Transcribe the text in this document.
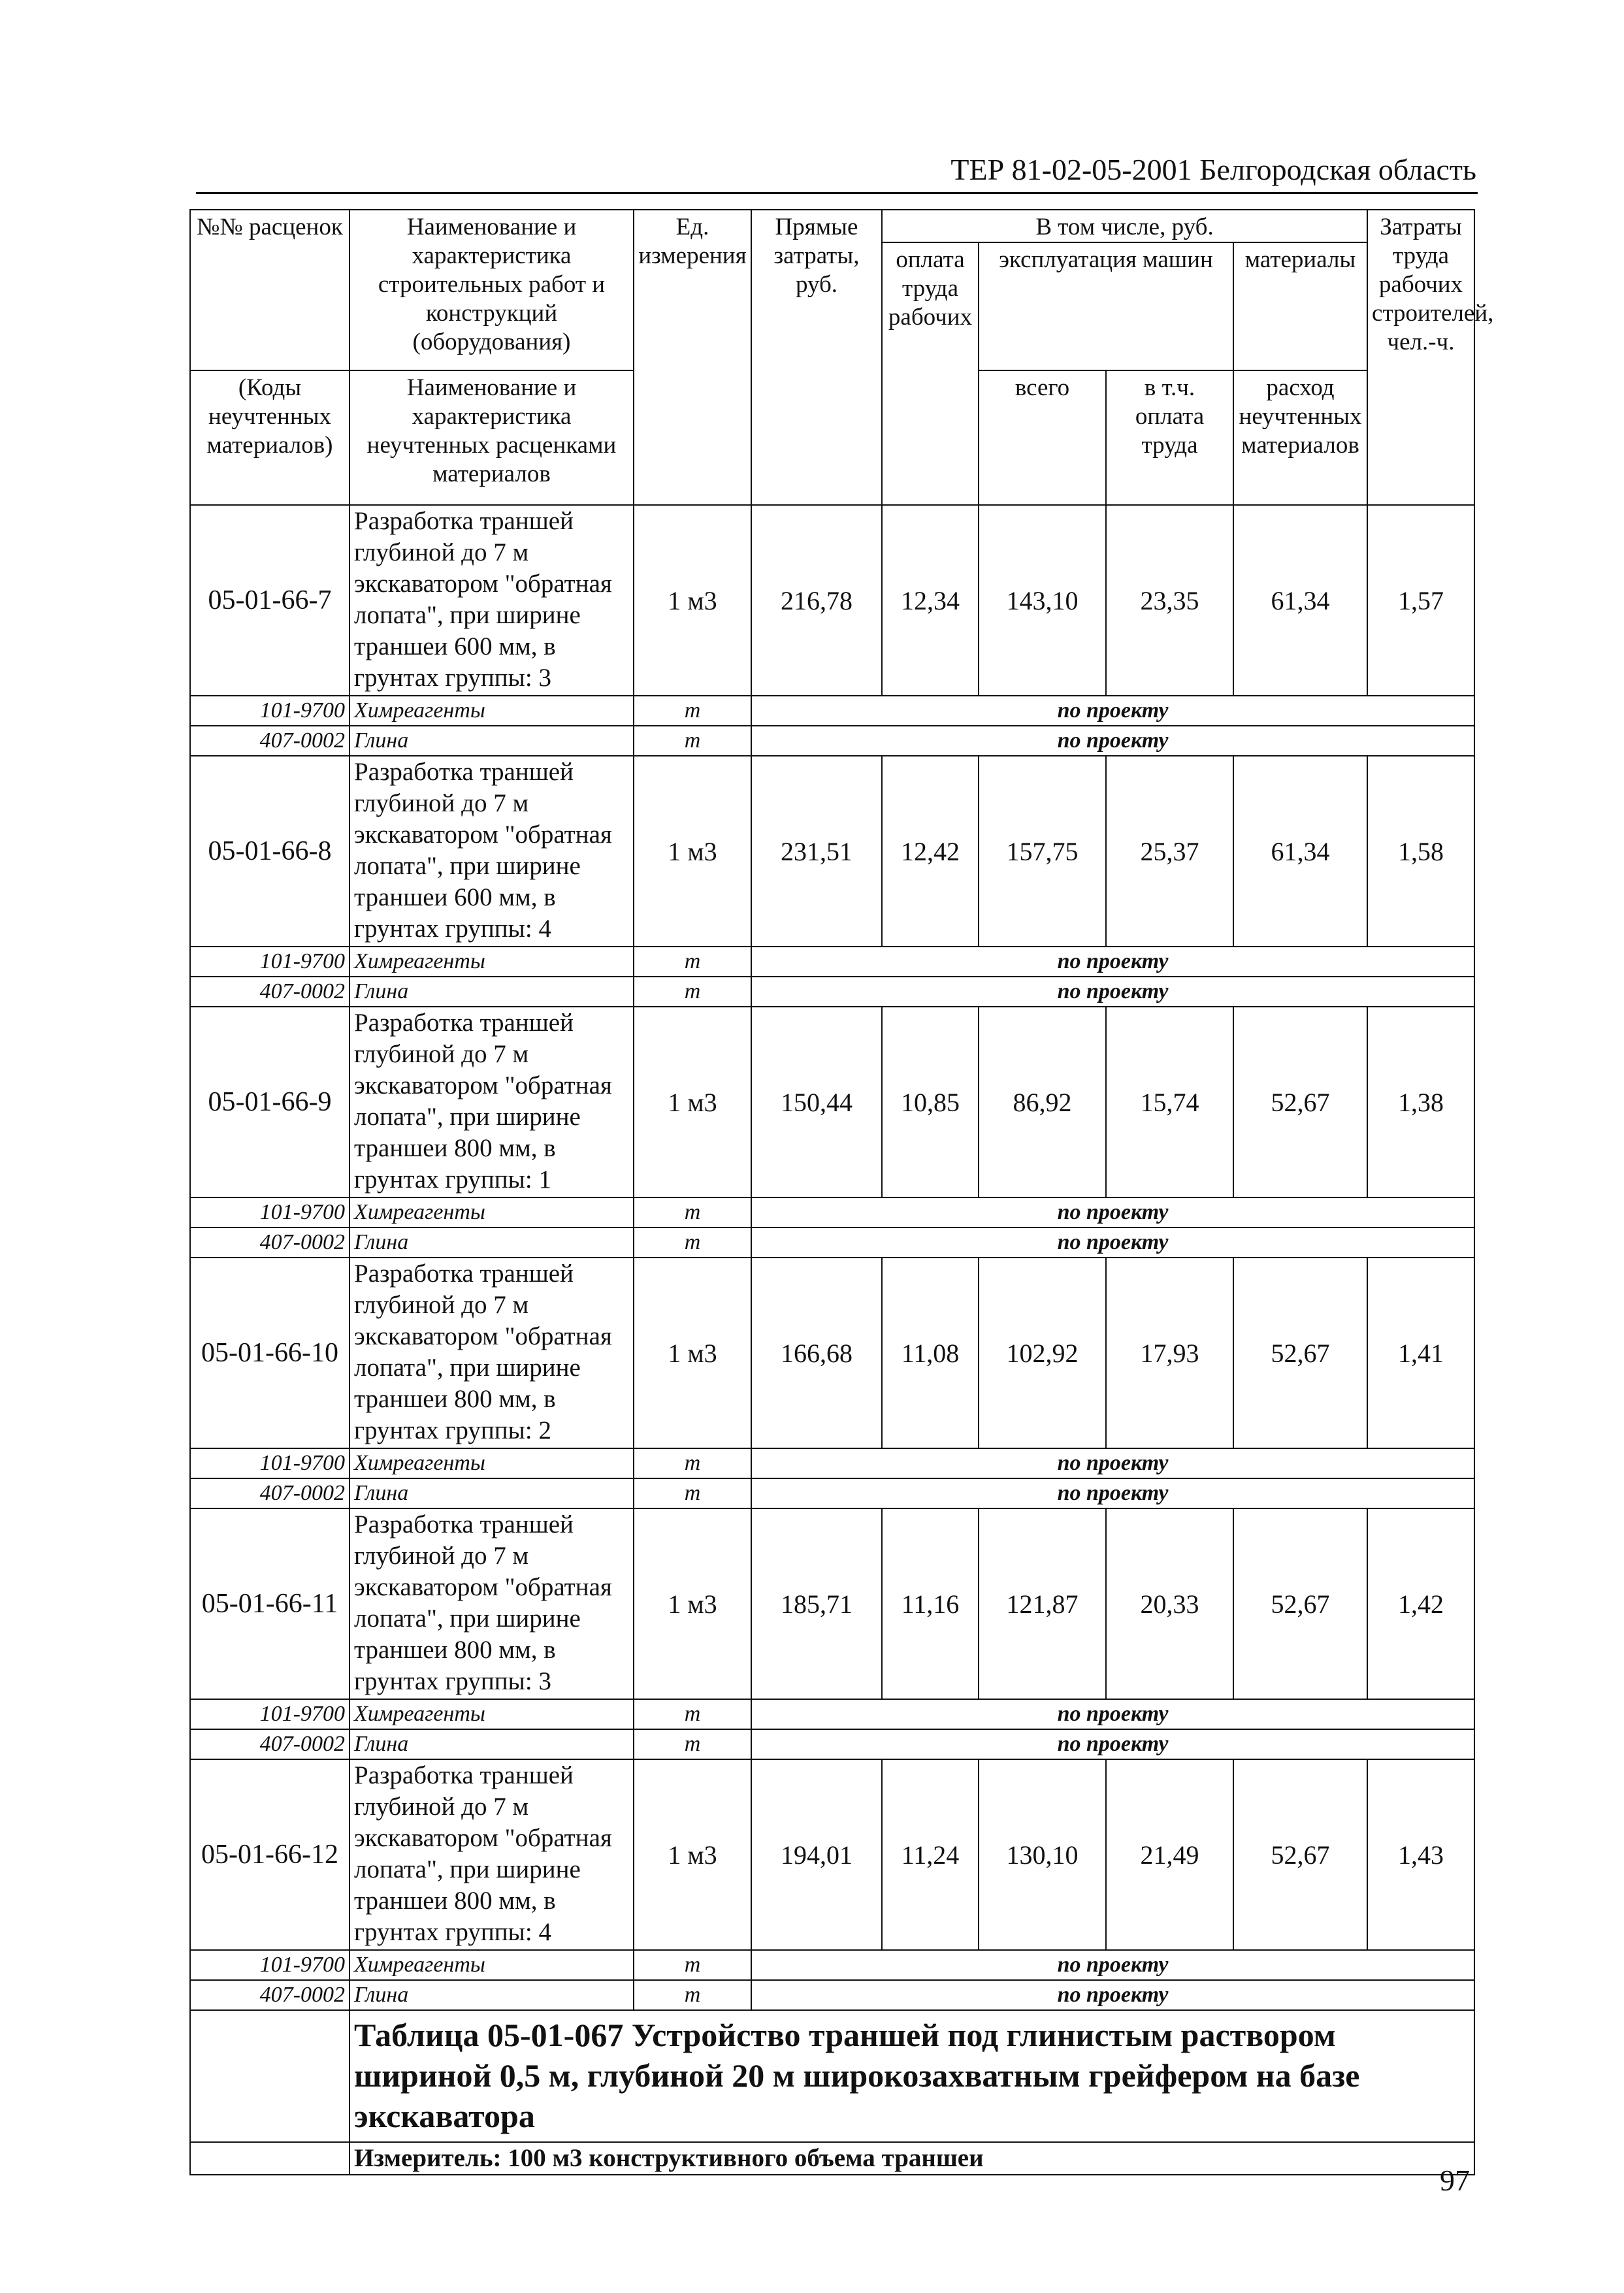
ТЕР 81-02-05-2001 Белгородская область
№№ расценок	Наименование и характеристика строительных работ и конструкций (оборудования)	Ед. измерения	Прямые затраты, руб.	В том числе, руб.				Затраты труда рабочих строителей, чел.-ч.
				оплата труда рабочих	эксплуатация машин		материалы	
(Коды неучтенных материалов)	Наименование и характеристика неучтенных расценками материалов				всего	в т.ч. оплата труда	расход неучтенных материалов	

05-01-66-7	Разработка траншей глубиной до 7 м экскаватором "обратная лопата", при ширине траншеи 600 мм, в грунтах группы: 3	1 м3	216,78	12,34	143,10	23,35	61,34	1,57
101-9700	Химреагенты	т	по проекту					
407-0002	Глина	т	по проекту					
05-01-66-8	Разработка траншей глубиной до 7 м экскаватором "обратная лопата", при ширине траншеи 600 мм, в грунтах группы: 4	1 м3	231,51	12,42	157,75	25,37	61,34	1,58
101-9700	Химреагенты	т	по проекту					
407-0002	Глина	т	по проекту					
05-01-66-9	Разработка траншей глубиной до 7 м экскаватором "обратная лопата", при ширине траншеи 800 мм, в грунтах группы: 1	1 м3	150,44	10,85	86,92	15,74	52,67	1,38
101-9700	Химреагенты	т	по проекту					
407-0002	Глина	т	по проекту					
05-01-66-10	Разработка траншей глубиной до 7 м экскаватором "обратная лопата", при ширине траншеи 800 мм, в грунтах группы: 2	1 м3	166,68	11,08	102,92	17,93	52,67	1,41
101-9700	Химреагенты	т	по проекту					
407-0002	Глина	т	по проекту					
05-01-66-11	Разработка траншей глубиной до 7 м экскаватором "обратная лопата", при ширине траншеи 800 мм, в грунтах группы: 3	1 м3	185,71	11,16	121,87	20,33	52,67	1,42
101-9700	Химреагенты	т	по проекту					
407-0002	Глина	т	по проекту					
05-01-66-12	Разработка траншей глубиной до 7 м экскаватором "обратная лопата", при ширине траншеи 800 мм, в грунтах группы: 4	1 м3	194,01	11,24	130,10	21,49	52,67	1,43
101-9700	Химреагенты	т	по проекту					
407-0002	Глина	т	по проекту					
	Таблица 05-01-067 Устройство траншей под глинистым раствором шириной 0,5 м, глубиной 20 м широкозахватным грейфером на базе экскаватора							
	Измеритель: 100 м3 конструктивного объема траншеи							
97
